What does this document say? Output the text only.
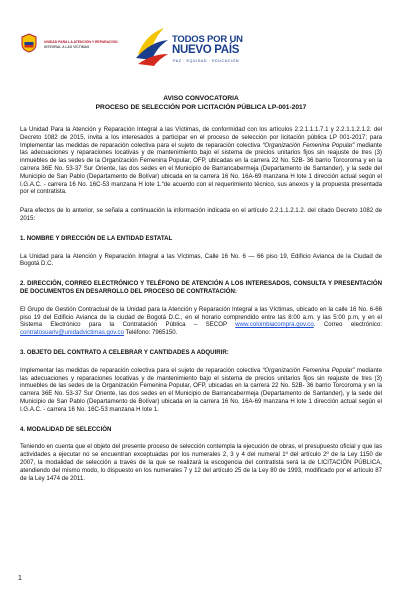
UNIDAD PARA LA ATENCIÓN Y REPARACIÓN
INTEGRAL A LAS VÍCTIMAS
TODOS POR UN
NUEVO PAÍS
PAZ · EQUIDAD · EDUCACIÓN
AVISO CONVOCATORIA
PROCESO DE SELECCIÓN POR LICITACIÓN PÚBLICA LP-001-2017

La Unidad Para la Atención y Reparación Integral a las Víctimas, de conformidad con los artículos 2.2.1.1.1.7.1 y 2.2.1.1.2.1.2. del Decreto 1082 de 2015, invita a los interesados a participar en el proceso de selección por licitación pública LP 001-2017; para Implementar las medidas de reparación colectiva para el sujeto de reparación colectiva “Organización Femenina Popular” mediante las adecuaciones y reparaciones locativas y de mantenimiento bajo el sistema de precios unitarios fijos sin reajuste de tres (3) inmuebles de las sedes de la Organización Femenina Popular, OFP, ubicadas en la carrera 22 No. 52B- 36 barrio Torcoroma y en la carrera 36E No. 53-37 Sur Oriente, las dos sedes en el Municipio de Barrancabermeja (Departamento de Santander), y la sede del Municipio de San Pablo (Departamento de Bolívar) ubicada en la carrera 16 No. 16A-69 manzana H lote 1 dirección actual según el I.G.A.C. - carrera 16 No. 16C-53 manzana H lote 1.“de acuerdo con el requerimiento técnico, sus anexos y la propuesta presentada por el contratista.

Para efectos de lo anterior, se señala a continuación la información indicada en el artículo 2.2.1.1.2.1.2. del citado Decreto 1082 de 2015:

1. NOMBRE Y DIRECCIÓN DE LA ENTIDAD ESTATAL

La Unidad para la Atención y Reparación Integral a las Víctimas, Calle 16 No. 6 — 66 piso 19, Edificio Avianca de la Ciudad de Bogotá D.C.

2. DIRECCIÓN, CORREO ELECTRÓNICO Y TELÉFONO DE ATENCIÓN A LOS INTERESADOS, CONSULTA Y PRESENTACIÓN DE DOCUMENTOS EN DESARROLLO DEL PROCESO DE CONTRATACIÓN:

El Grupo de Gestión Contractual de la Unidad para la Atención y Reparación Integral a las Víctimas, ubicado en la calle 16 No. 6-66 piso 19 del Edificio Avianca de la ciudad de Bogotá D.C., en el horario comprendido entre las 8:00 a.m. y las 5:00 p.m, y en el Sistema Electrónico para la Contratación Pública – SECOP www.colombiacompra.gov.co. Correo electrónico: contratosuariv@unidadvictimas.gov.co Teléfono: 7965150.

3. OBJETO DEL CONTRATO A CELEBRAR Y CANTIDADES A ADQUIRIR:

Implementar las medidas de reparación colectiva para el sujeto de reparación colectiva “Organización Femenina Popular” mediante las adecuaciones y reparaciones locativas y de mantenimiento bajo el sistema de precios unitarios fijos sin reajuste de tres (3) inmuebles de las sedes de la Organización Femenina Popular, OFP, ubicadas en la carrera 22 No. 52B- 36 barrio Torcoroma y en la carrera 36E No. 53-37 Sur Oriente, las dos sedes en el Municipio de Barrancabermeja (Departamento de Santander), y la sede del Municipio de San Pablo (Departamento de Bolívar) ubicada en la carrera 16 No. 16A-69 manzana H lote 1 dirección actual según el I.G.A.C. - carrera 16 No. 16C-53 manzana H lote 1.

4. MODALIDAD DE SELECCIÓN

Teniendo en cuenta que el objeto del presente proceso de selección contempla la ejecución de obras, el presupuesto oficial y que las actividades a ejecutar no se encuentran exceptuadas por los numerales 2, 3 y 4 del numeral 1º del artículo 2º de la Ley 1150 de 2007, la modalidad de selección a través de la que se realizará la escogencia del contratista será la de LICITACIÓN PÚBLICA, atendiendo del mismo modo, lo dispuesto en los numerales 7 y 12 del artículo 25 de la Ley 80 de 1993, modificado por el artículo 87 de la Ley 1474 de 2011.

1
